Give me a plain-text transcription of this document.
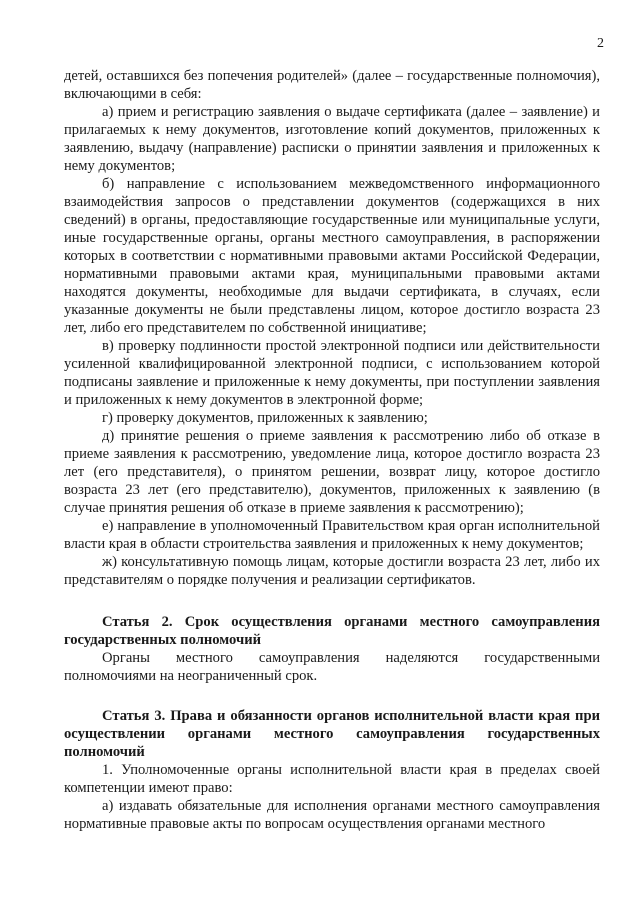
2

детей, оставшихся без попечения родителей» (далее – государственные полномочия), включающими в себя:

а) прием и регистрацию заявления о выдаче сертификата (далее – заявление) и прилагаемых к нему документов, изготовление копий документов, приложенных к заявлению, выдачу (направление) расписки о принятии заявления и приложенных к нему документов;

б) направление с использованием межведомственного информационного взаимодействия запросов о представлении документов (содержащихся в них сведений) в органы, предоставляющие государственные или муниципальные услуги, иные государственные органы, органы местного самоуправления, в распоряжении которых в соответствии с нормативными правовыми актами Российской Федерации, нормативными правовыми актами края, муниципальными правовыми актами находятся документы, необходимые для выдачи сертификата, в случаях, если указанные документы не были представлены лицом, которое достигло возраста 23 лет, либо его представителем по собственной инициативе;

в) проверку подлинности простой электронной подписи или действительности усиленной квалифицированной электронной подписи, с использованием которой подписаны заявление и приложенные к нему документы, при поступлении заявления и приложенных к нему документов в электронной форме;

г) проверку документов, приложенных к заявлению;

д) принятие решения о приеме заявления к рассмотрению либо об отказе в приеме заявления к рассмотрению, уведомление лица, которое достигло возраста 23 лет (его представителя), о принятом решении, возврат лицу, которое достигло возраста 23 лет (его представителю), документов, приложенных к заявлению (в случае принятия решения об отказе в приеме заявления к рассмотрению);

е) направление в уполномоченный Правительством края орган исполнительной власти края в области строительства заявления и приложенных к нему документов;

ж) консультативную помощь лицам, которые достигли возраста 23 лет, либо их представителям о порядке получения и реализации сертификатов.

Статья 2. Срок осуществления органами местного самоуправления государственных полномочий

Органы местного самоуправления наделяются государственными полномочиями на неограниченный срок.

Статья 3. Права и обязанности органов исполнительной власти края при осуществлении органами местного самоуправления государственных полномочий

1. Уполномоченные органы исполнительной власти края в пределах своей компетенции имеют право:

а) издавать обязательные для исполнения органами местного самоуправления нормативные правовые акты по вопросам осуществления органами местного
